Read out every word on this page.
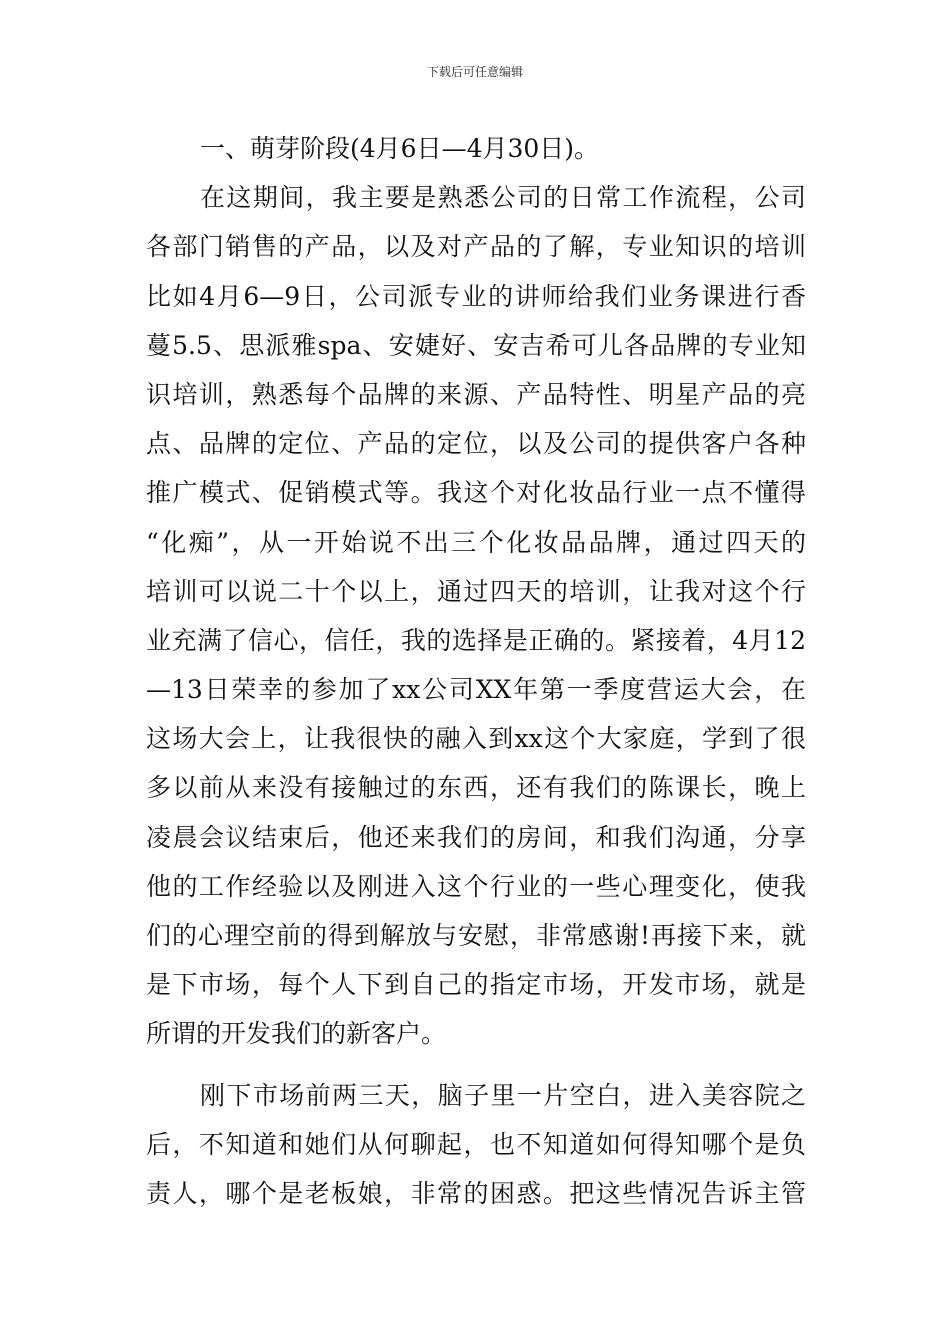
下载后可任意编辑
一、萌芽阶段(4月6日—4月30日)。
在这期间，我主要是熟悉公司的日常工作流程，公司
各部门销售的产品，以及对产品的了解，专业知识的培训
比如4月6—9日，公司派专业的讲师给我们业务课进行香
蔓5.5、思派雅spa、安婕好、安吉希可儿各品牌的专业知
识培训，熟悉每个品牌的来源、产品特性、明星产品的亮
点、品牌的定位、产品的定位，以及公司的提供客户各种
推广模式、促销模式等。我这个对化妆品行业一点不懂得
“化痴”，从一开始说不出三个化妆品品牌，通过四天的
培训可以说二十个以上，通过四天的培训，让我对这个行
业充满了信心，信任，我的选择是正确的。紧接着，4月12
—13日荣幸的参加了xx公司XX年第一季度营运大会，在
这场大会上，让我很快的融入到xx这个大家庭，学到了很
多以前从来没有接触过的东西，还有我们的陈课长，晚上
凌晨会议结束后，他还来我们的房间，和我们沟通，分享
他的工作经验以及刚进入这个行业的一些心理变化，使我
们的心理空前的得到解放与安慰，非常感谢!再接下来，就
是下市场，每个人下到自己的指定市场，开发市场，就是
所谓的开发我们的新客户。
刚下市场前两三天，脑子里一片空白，进入美容院之
后，不知道和她们从何聊起，也不知道如何得知哪个是负
责人，哪个是老板娘，非常的困惑。把这些情况告诉主管
